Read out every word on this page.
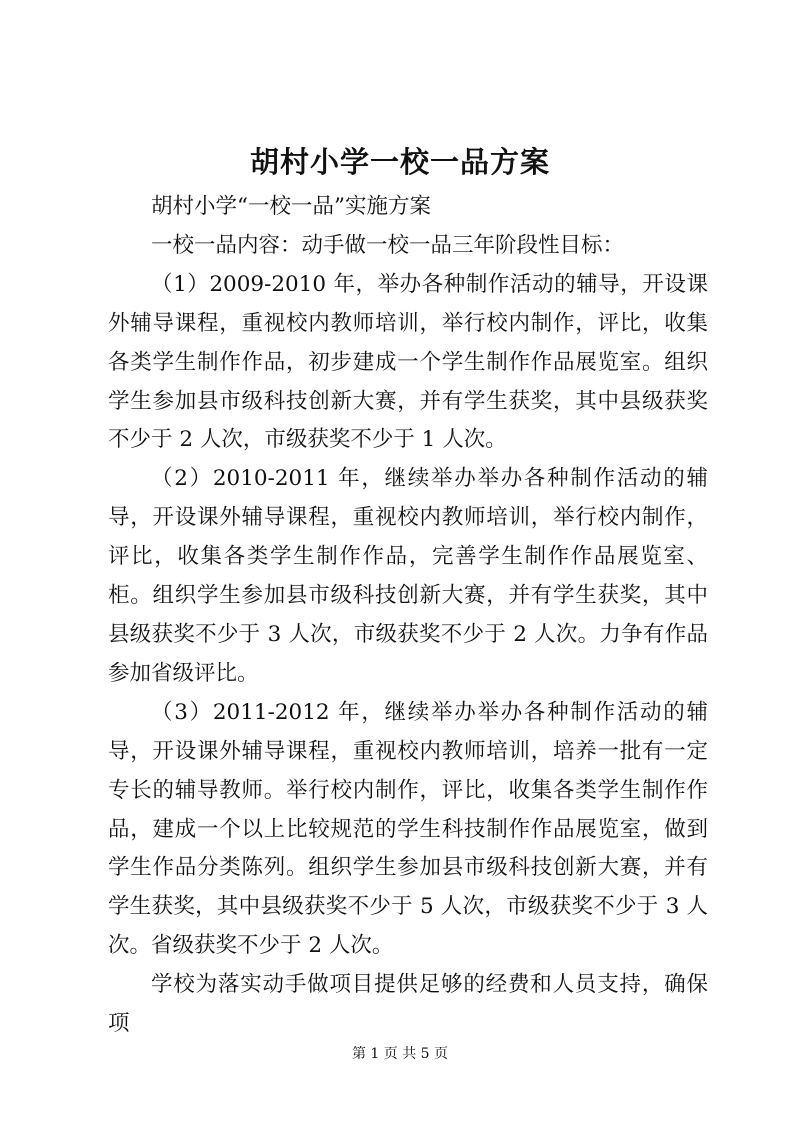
胡村小学一校一品方案

胡村小学“一校一品”实施方案

一校一品内容：动手做一校一品三年阶段性目标：

（1）2009-2010 年，举办各种制作活动的辅导，开设课外辅导课程，重视校内教师培训，举行校内制作，评比，收集各类学生制作作品，初步建成一个学生制作作品展览室。组织学生参加县市级科技创新大赛，并有学生获奖，其中县级获奖不少于 2 人次，市级获奖不少于 1 人次。

（2）2010-2011 年，继续举办举办各种制作活动的辅导，开设课外辅导课程，重视校内教师培训，举行校内制作，评比，收集各类学生制作作品，完善学生制作作品展览室、柜。组织学生参加县市级科技创新大赛，并有学生获奖，其中县级获奖不少于 3 人次，市级获奖不少于 2 人次。力争有作品参加省级评比。

（3）2011-2012 年，继续举办举办各种制作活动的辅导，开设课外辅导课程，重视校内教师培训，培养一批有一定专长的辅导教师。举行校内制作，评比，收集各类学生制作作品，建成一个以上比较规范的学生科技制作作品展览室，做到学生作品分类陈列。组织学生参加县市级科技创新大赛，并有学生获奖，其中县级获奖不少于 5 人次，市级获奖不少于 3 人次。省级获奖不少于 2 人次。

学校为落实动手做项目提供足够的经费和人员支持，确保项

第 1 页 共 5 页
